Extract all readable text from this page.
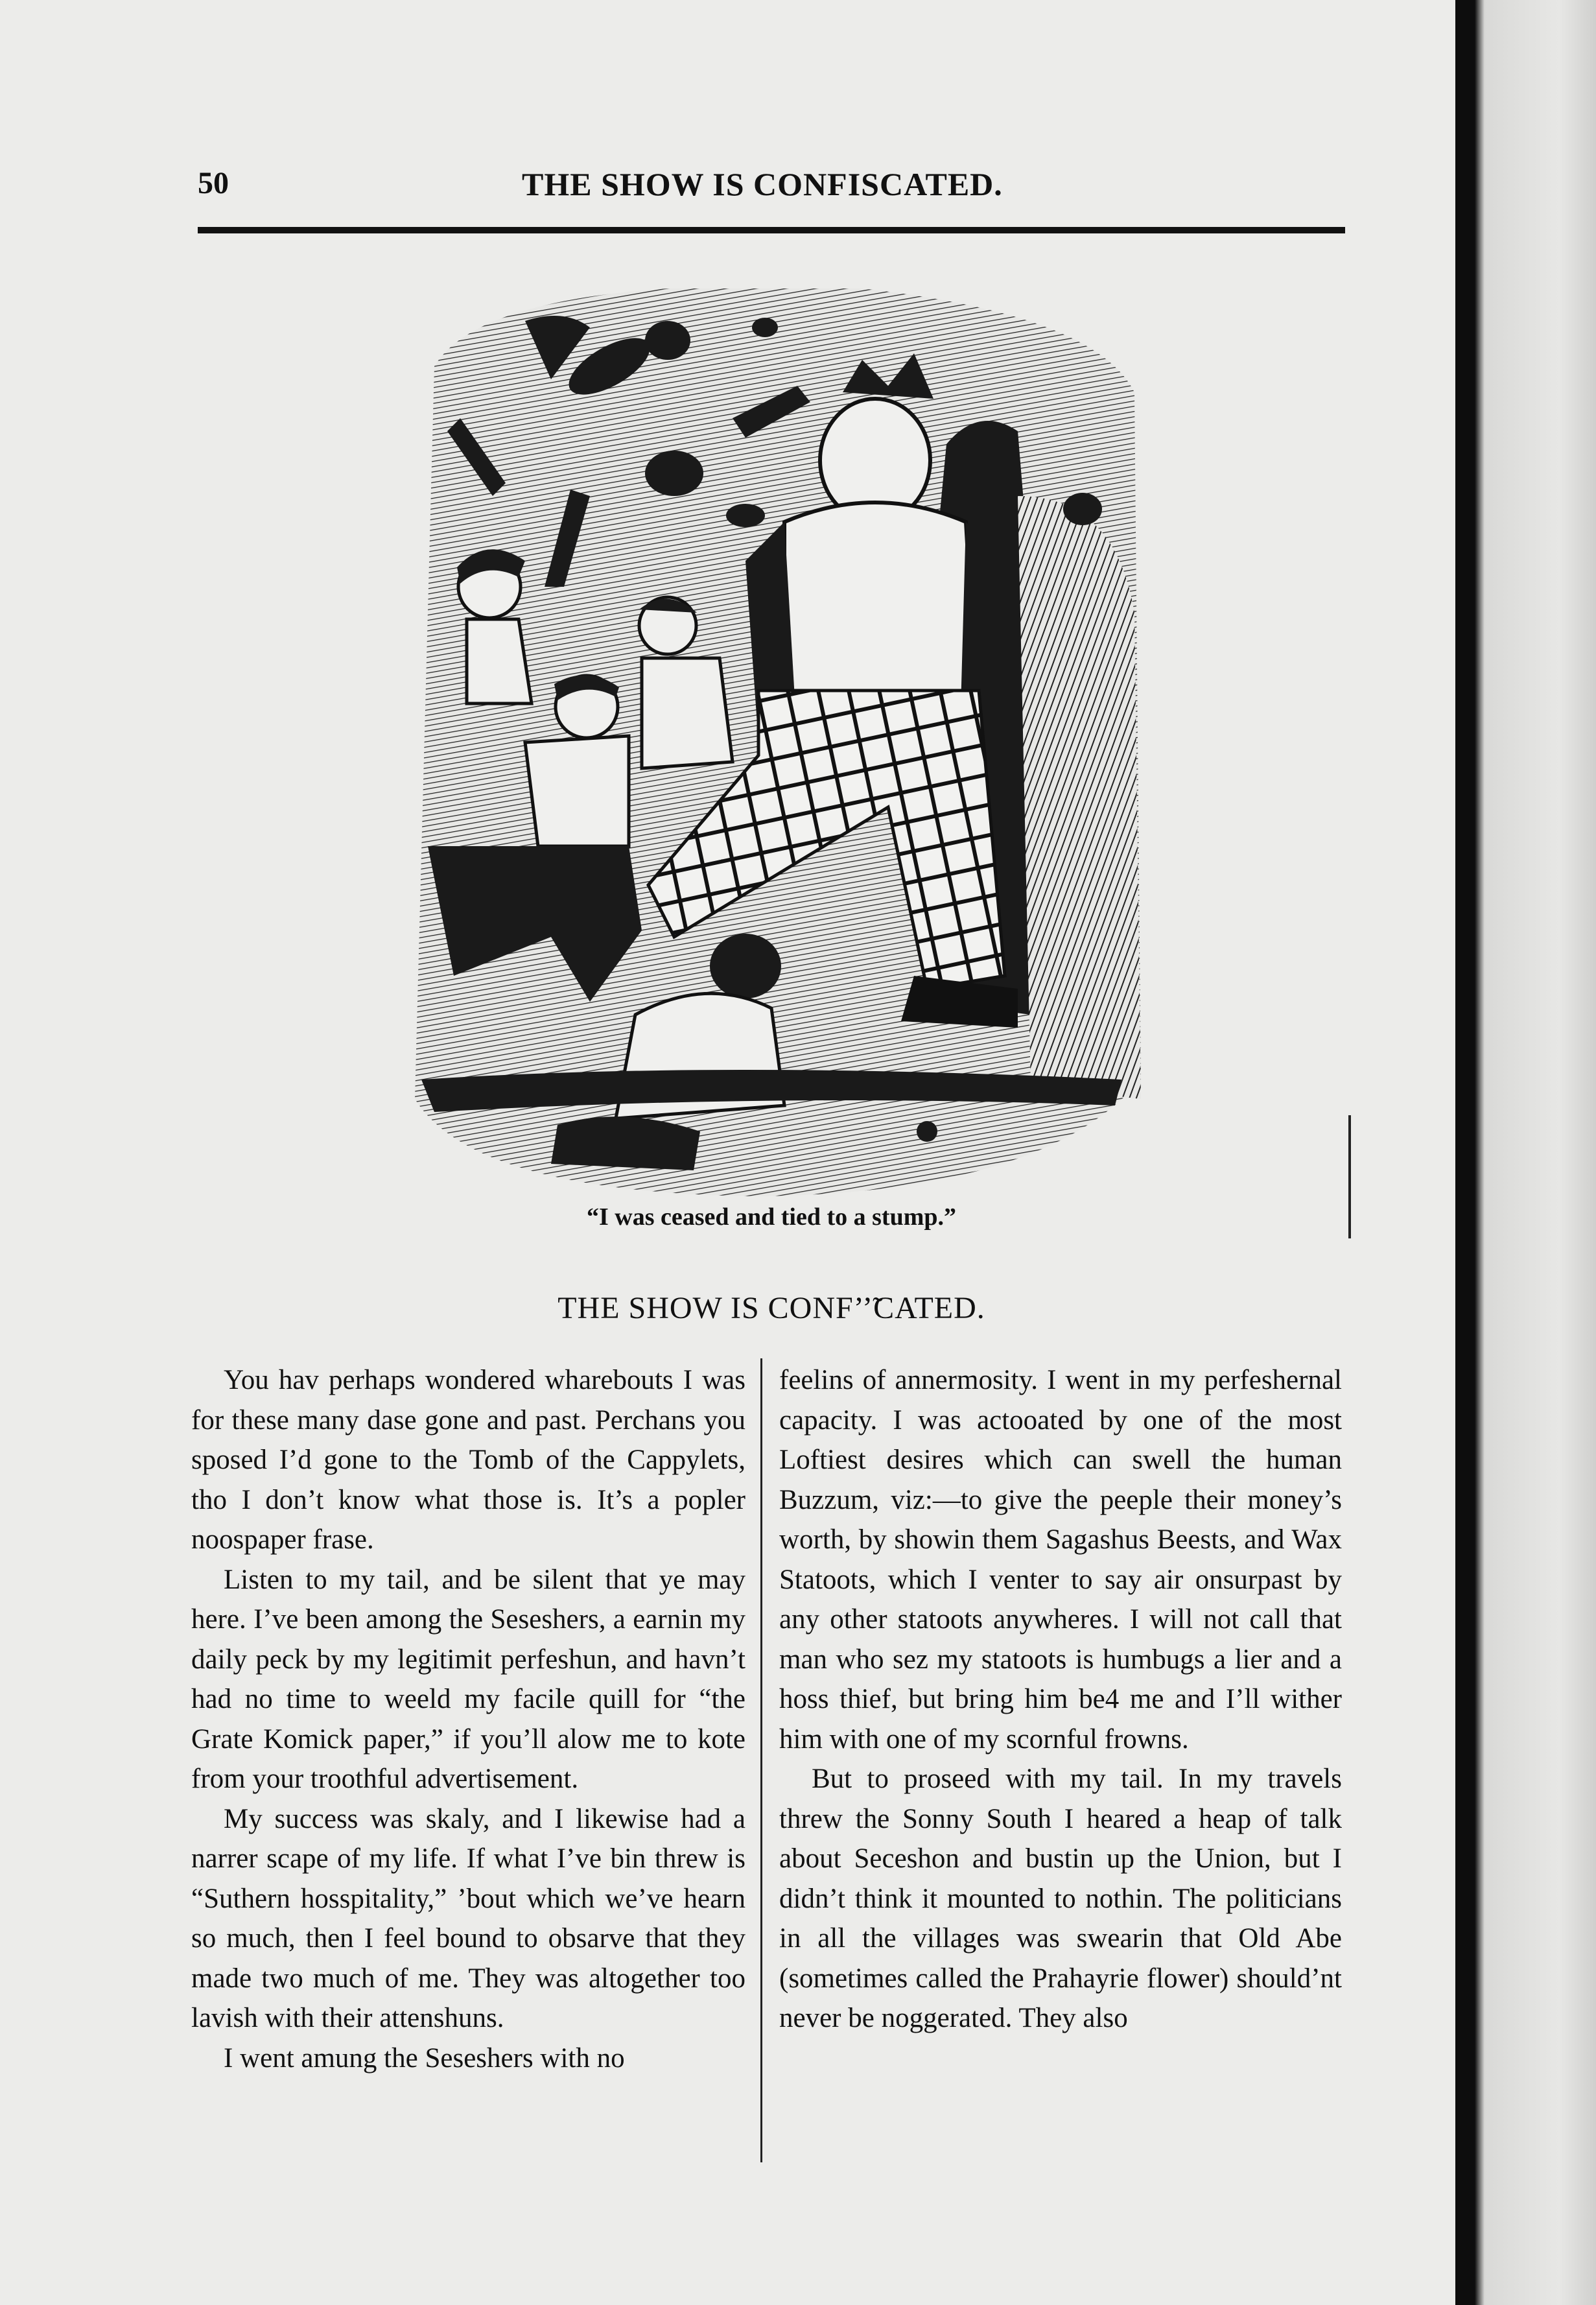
50	THE SHOW IS CONFISCATED.
“I was ceased and tied to a stump.”
THE SHOW IS CONF’’̃CATED.

You hav perhaps wondered wharebouts I was for these many dase gone and past. Perchans you sposed I’d gone to the Tomb of the Cappylets, tho I don’t know what those is. It’s a popler noospaper frase.

Listen to my tail, and be silent that ye may here. I’ve been among the Seseshers, a earnin my daily peck by my legitimit perfeshun, and havn’t had no time to weeld my facile quill for “the Grate Komick paper,” if you’ll alow me to kote from your troothful advertisement.

My success was skaly, and I likewise had a narrer scape of my life. If what I’ve bin threw is “Suthern hosspitality,” ’bout which we’ve hearn so much, then I feel bound to obsarve that they made two much of me. They was altogether too lavish with their attenshuns.

I went amung the Seseshers with no

feelins of annermosity. I went in my perfeshernal capacity. I was actooated by one of the most Loftiest desires which can swell the human Buzzum, viz:—to give the peeple their money’s worth, by showin them Sagashus Beests, and Wax Statoots, which I venter to say air onsurpast by any other statoots anywheres. I will not call that man who sez my statoots is humbugs a lier and a hoss thief, but bring him be4 me and I’ll wither him with one of my scornful frowns.

But to proseed with my tail. In my travels threw the Sonny South I heared a heap of talk about Seceshon and bustin up the Union, but I didn’t think it mounted to nothin. The politicians in all the villages was swearin that Old Abe (sometimes called the Prahayrie flower) should’nt never be noggerated. They also
